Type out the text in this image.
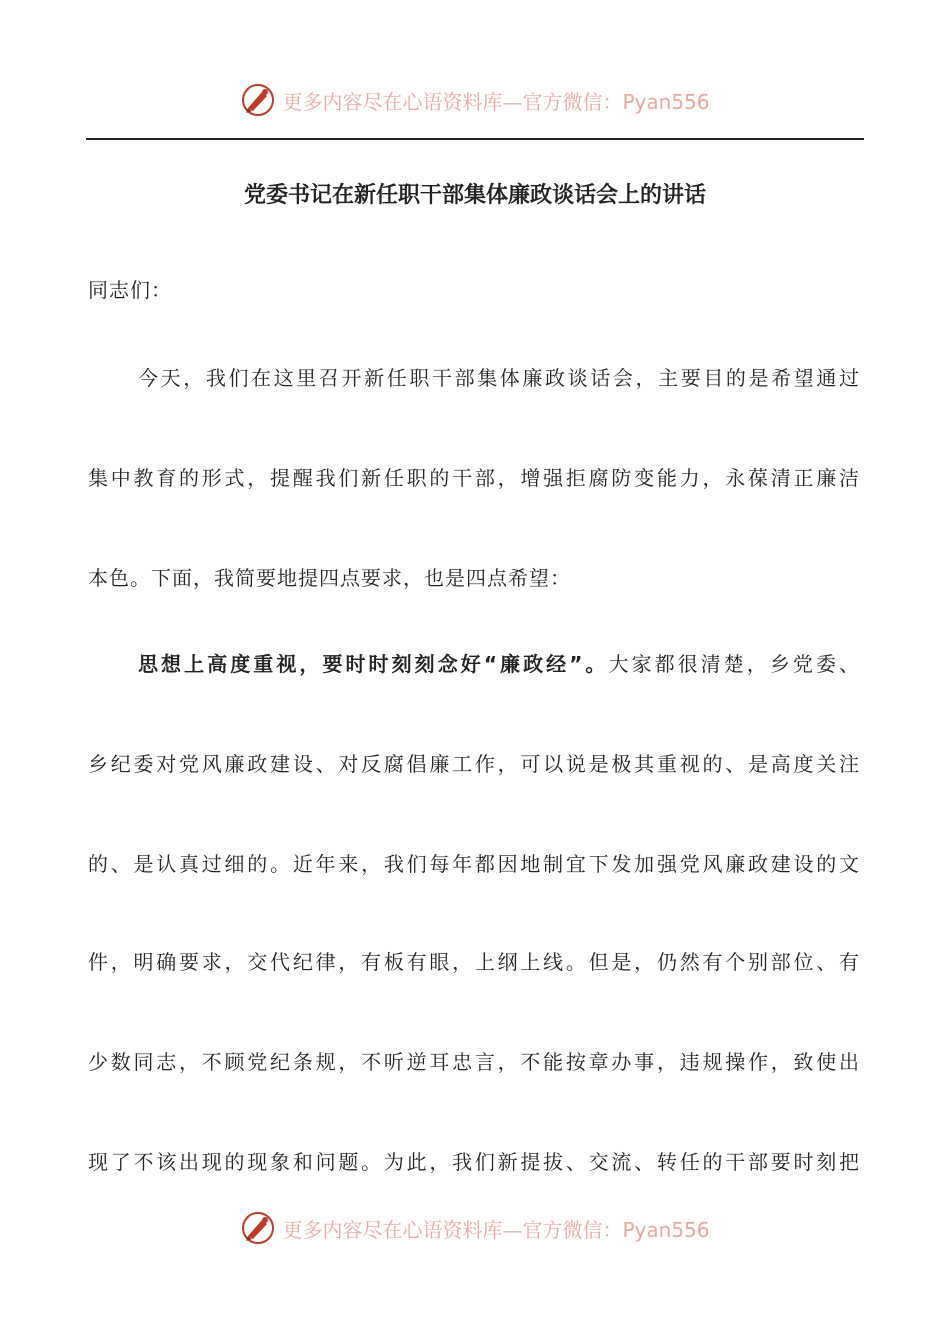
更多内容尽在心语资料库—官方微信：Pyan556
党委书记在新任职干部集体廉政谈话会上的讲话
同志们：
今天，我们在这里召开新任职干部集体廉政谈话会，主要目的是希望通过
集中教育的形式，提醒我们新任职的干部，增强拒腐防变能力，永葆清正廉洁
本色。下面，我简要地提四点要求，也是四点希望：
思想上高度重视，要时时刻刻念好“廉政经”。大家都很清楚，乡党委、
乡纪委对党风廉政建设、对反腐倡廉工作，可以说是极其重视的、是高度关注
的、是认真过细的。近年来，我们每年都因地制宜下发加强党风廉政建设的文
件，明确要求，交代纪律，有板有眼，上纲上线。但是，仍然有个别部位、有
少数同志，不顾党纪条规，不听逆耳忠言，不能按章办事，违规操作，致使出
现了不该出现的现象和问题。为此，我们新提拔、交流、转任的干部要时刻把
更多内容尽在心语资料库—官方微信：Pyan556
